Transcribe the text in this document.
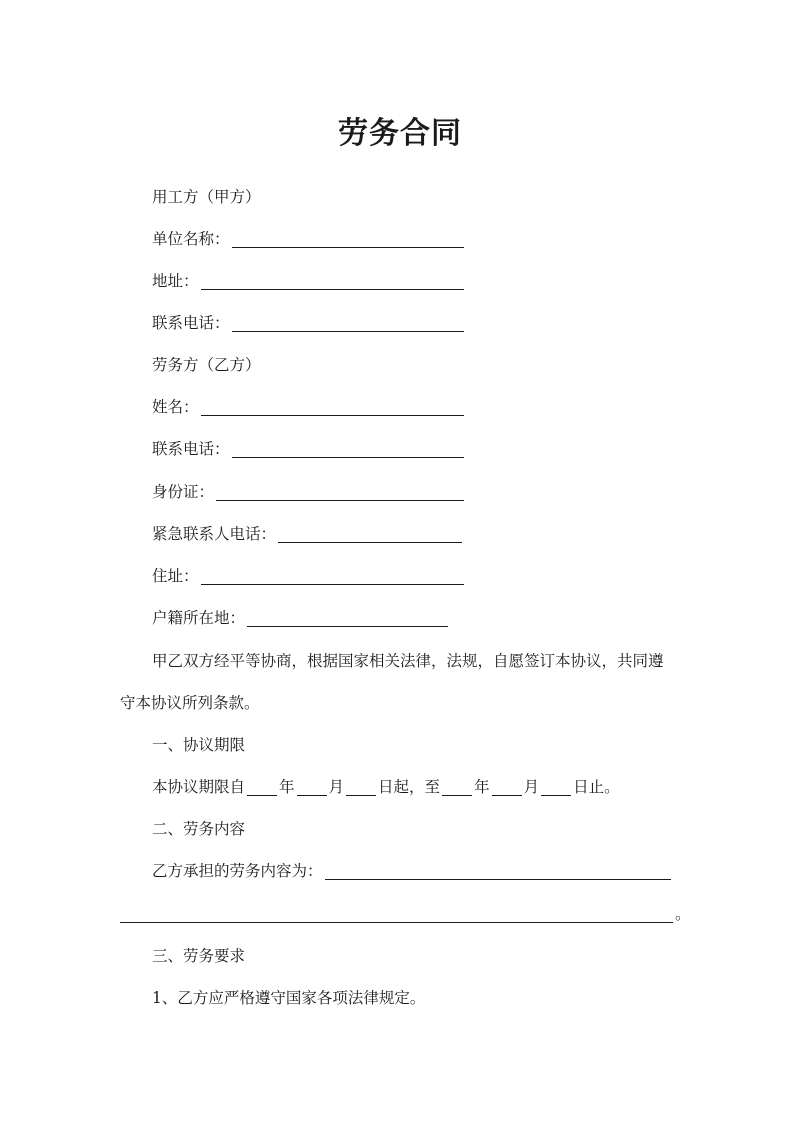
劳务合同
用工方（甲方）
单位名称：
地址：
联系电话：
劳务方（乙方）
姓名：
联系电话：
身份证：
紧急联系人电话：
住址：
户籍所在地：
甲乙双方经平等协商，根据国家相关法律，法规，自愿签订本协议，共同遵
守本协议所列条款。
一、协议期限
本协议期限自 年 月 日起，至 年 月 日止。
二、劳务内容
乙方承担的劳务内容为：
。
三、劳务要求
1、乙方应严格遵守国家各项法律规定。
